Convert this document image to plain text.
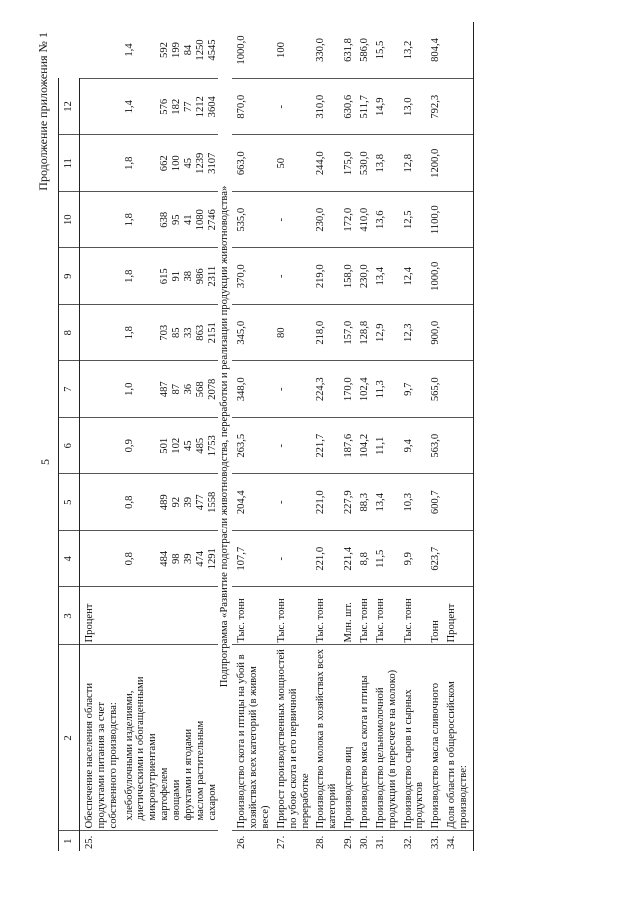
5
Продолжение приложения № 1
1	2	3	4	5	6	7	8	9	10	11	12	
25.	Обеспечение населения области продуктами питания за счет собственного производства:	Процент										
	хлебобулочными изделиями, диетическими и обогащенными микронутриентами		0,8	0,8	0,9	1,0	1,8	1,8	1,8	1,8	1,4	1,4
	картофелем		484	489	501	487	703	615	638	662	576	592
	овощами		98	92	102	87	85	91	95	100	182	199
	фруктами и ягодами		39	39	45	36	33	38	41	45	77	84
	маслом растительным		474	477	485	568	863	986	1080	1239	1212	1250
	сахаром		1291	1558	1753	2078	2151	2311	2746	3107	3604	4545
Подпрограмма «Развитие подотрасли животноводства, переработки и реализации продукции животноводства»												
26.	Производство скота и птицы на убой в хозяйствах всех категорий (в живом весе)	Тыс. тонн	107,7	204,4	263,5	348,0	345,0	370,0	535,0	663,0	870,0	1000,0
27.	Прирост производственных мощностей по убою скота и его первичной переработке	Тыс. тонн	-	-	-	-	80	-	-	50	-	100
28.	Производство молока в хозяйствах всех категорий	Тыс. тонн	221,0	221,0	221,7	224,3	218,0	219,0	230,0	244,0	310,0	330,0
29.	Производство яиц	Млн. шт.	221,4	227,9	187,6	170,0	157,0	158,0	172,0	175,0	630,6	631,8
30.	Производство мяса скота и птицы	Тыс. тонн	8,8	88,3	104,2	102,4	128,8	230,0	410,0	530,0	511,7	586,0
31.	Производство цельномолочной продукции (в пересчете на молоко)	Тыс. тонн	11,5	13,4	11,1	11,3	12,9	13,4	13,6	13,8	14,9	15,5
32.	Производство сыров и сырных продуктов	Тыс. тонн	9,9	10,3	9,4	9,7	12,3	12,4	12,5	12,8	13,0	13,2
33.	Производство масла сливочного	Тонн	623,7	600,7	563,0	565,0	900,0	1000,0	1100,0	1200,0	792,3	804,4
34.	Доля области в общероссийском производстве:	Процент										
